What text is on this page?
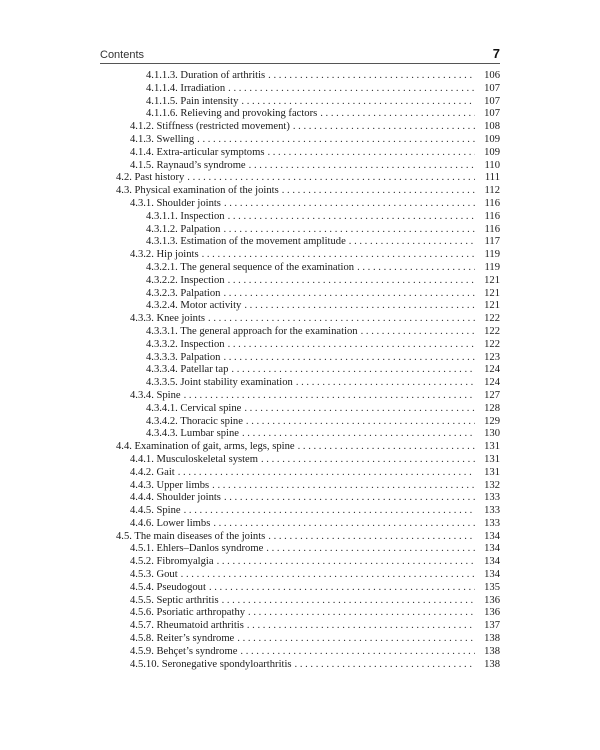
Contents	7
4.1.1.3. Duration of arthritis . . .	106
4.1.1.4. Irradiation . . .	107
4.1.1.5. Pain intensity . . .	107
4.1.1.6. Relieving and provoking factors . . .	107
4.1.2. Stiffness (restricted movement) . . .	108
4.1.3. Swelling . . .	109
4.1.4. Extra-articular symptoms . . .	109
4.1.5. Raynaud’s syndrome . . .	110
4.2. Past history . . .	111
4.3. Physical examination of the joints . . .	112
4.3.1. Shoulder joints . . .	116
4.3.1.1. Inspection . . .	116
4.3.1.2. Palpation . . .	116
4.3.1.3. Estimation of the movement amplitude . . .	117
4.3.2. Hip joints . . .	119
4.3.2.1. The general sequence of the examination . . .	119
4.3.2.2. Inspection . . .	121
4.3.2.3. Palpation . . .	121
4.3.2.4. Motor activity . . .	121
4.3.3. Knee joints . . .	122
4.3.3.1. The general approach for the examination . . .	122
4.3.3.2. Inspection . . .	122
4.3.3.3. Palpation . . .	123
4.3.3.4. Patellar tap . . .	124
4.3.3.5. Joint stability examination . . .	124
4.3.4. Spine . . .	127
4.3.4.1. Cervical spine . . .	128
4.3.4.2. Thoracic spine . . .	129
4.3.4.3. Lumbar spine . . .	130
4.4. Examination of gait, arms, legs, spine . . .	131
4.4.1. Musculoskeletal system . . .	131
4.4.2. Gait . . .	131
4.4.3. Upper limbs . . .	132
4.4.4. Shoulder joints . . .	133
4.4.5. Spine . . .	133
4.4.6. Lower limbs . . .	133
4.5. The main diseases of the joints . . .	134
4.5.1. Ehlers–Danlos syndrome . . .	134
4.5.2. Fibromyalgia . . .	134
4.5.3. Gout . . .	134
4.5.4. Pseudogout . . .	135
4.5.5. Septic arthritis . . .	136
4.5.6. Psoriatic arthropathy . . .	136
4.5.7. Rheumatoid arthritis . . .	137
4.5.8. Reiter’s syndrome . . .	138
4.5.9. Behçet’s syndrome . . .	138
4.5.10. Seronegative spondyloarthritis . . .	138
